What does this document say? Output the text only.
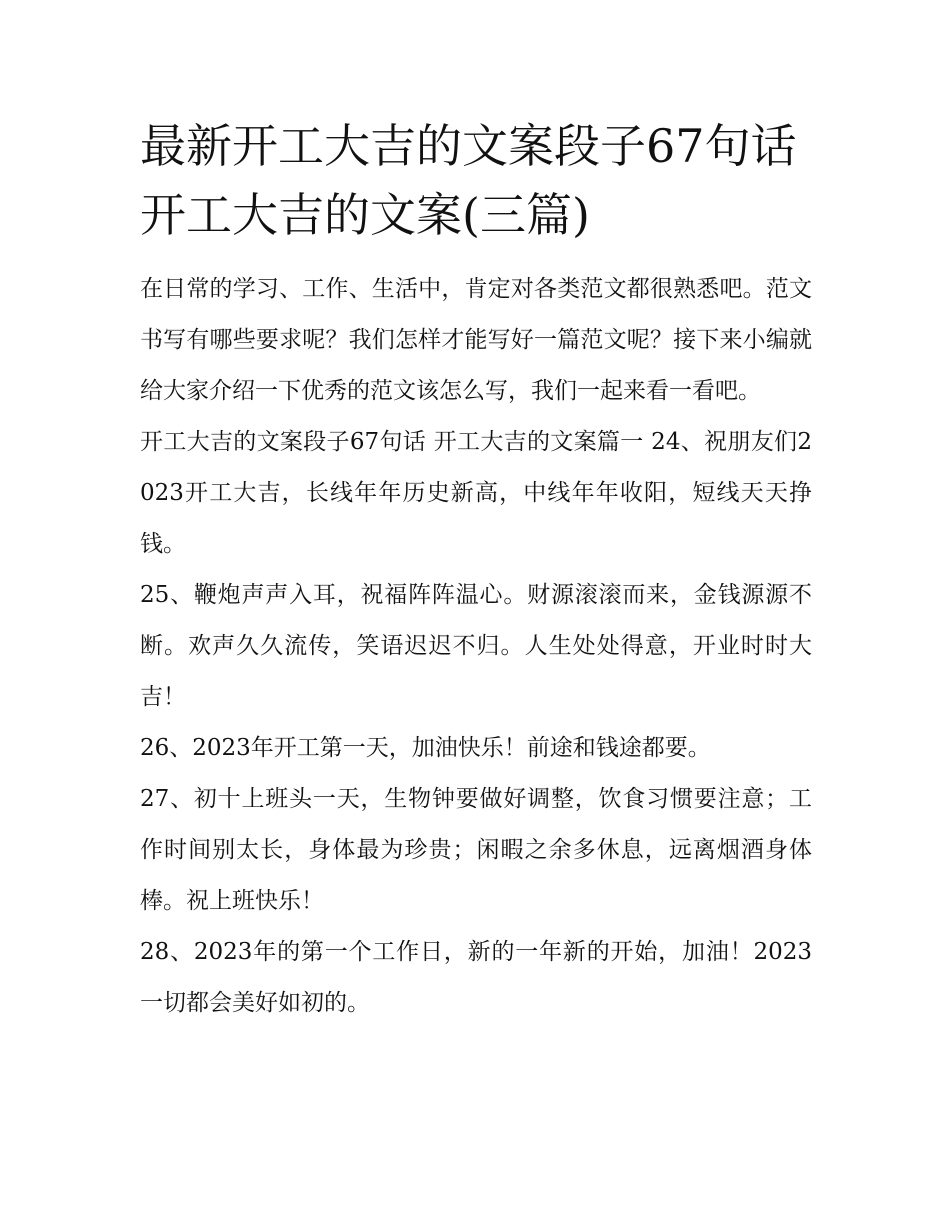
最新开工大吉的文案段子67句话 开工大吉的文案(三篇)

在日常的学习、工作、生活中，肯定对各类范文都很熟悉吧。范文书写有哪些要求呢？我们怎样才能写好一篇范文呢？接下来小编就给大家介绍一下优秀的范文该怎么写，我们一起来看一看吧。

开工大吉的文案段子67句话 开工大吉的文案篇一 24、祝朋友们2023开工大吉，长线年年历史新高，中线年年收阳，短线天天挣钱。

25、鞭炮声声入耳，祝福阵阵温心。财源滚滚而来，金钱源源不断。欢声久久流传，笑语迟迟不归。人生处处得意，开业时时大吉！

26、2023年开工第一天，加油快乐！前途和钱途都要。

27、初十上班头一天，生物钟要做好调整，饮食习惯要注意；工作时间别太长，身体最为珍贵；闲暇之余多休息，远离烟酒身体棒。祝上班快乐！

28、2023年的第一个工作日，新的一年新的开始，加油！2023一切都会美好如初的。
